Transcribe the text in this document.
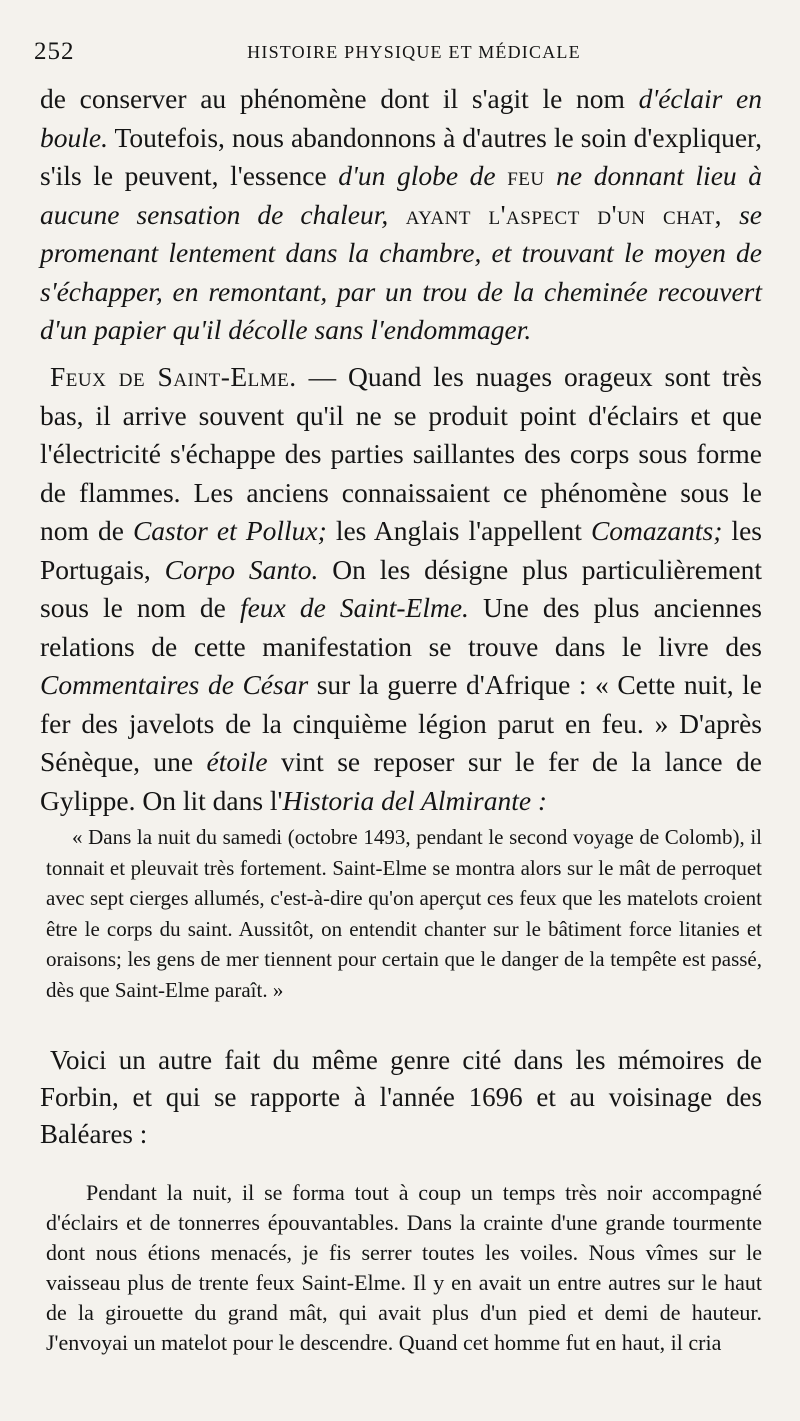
252	HISTOIRE PHYSIQUE ET MÉDICALE

de conserver au phénomène dont il s'agit le nom d'éclair en boule. Toutefois, nous abandonnons à d'autres le soin d'expliquer, s'ils le peuvent, l'essence d'un globe de feu ne donnant lieu à aucune sensation de chaleur, ayant l'aspect d'un chat, se promenant lentement dans la chambre, et trouvant le moyen de s'échapper, en remontant, par un trou de la cheminée recouvert d'un papier qu'il décolle sans l'endommager.

Feux de Saint-Elme. — Quand les nuages orageux sont très bas, il arrive souvent qu'il ne se produit point d'éclairs et que l'électricité s'échappe des parties saillantes des corps sous forme de flammes. Les anciens connaissaient ce phénomène sous le nom de Castor et Pollux; les Anglais l'appellent Comazants; les Portugais, Corpo Santo. On les désigne plus particulièrement sous le nom de feux de Saint-Elme. Une des plus anciennes relations de cette manifestation se trouve dans le livre des Commentaires de César sur la guerre d'Afrique : « Cette nuit, le fer des javelots de la cinquième légion parut en feu. » D'après Sénèque, une étoile vint se reposer sur le fer de la lance de Gylippe. On lit dans l'Historia del Almirante :

« Dans la nuit du samedi (octobre 1493, pendant le second voyage de Colomb), il tonnait et pleuvait très fortement. Saint-Elme se montra alors sur le mât de perroquet avec sept cierges allumés, c'est-à-dire qu'on aperçut ces feux que les matelots croient être le corps du saint. Aussitôt, on entendit chanter sur le bâtiment force litanies et oraisons; les gens de mer tiennent pour certain que le danger de la tempête est passé, dès que Saint-Elme paraît. »

Voici un autre fait du même genre cité dans les mémoires de Forbin, et qui se rapporte à l'année 1696 et au voisinage des Baléares :

Pendant la nuit, il se forma tout à coup un temps très noir accompagné d'éclairs et de tonnerres épouvantables. Dans la crainte d'une grande tourmente dont nous étions menacés, je fis serrer toutes les voiles. Nous vîmes sur le vaisseau plus de trente feux Saint-Elme. Il y en avait un entre autres sur le haut de la girouette du grand mât, qui avait plus d'un pied et demi de hauteur. J'envoyai un matelot pour le descendre. Quand cet homme fut en haut, il cria
